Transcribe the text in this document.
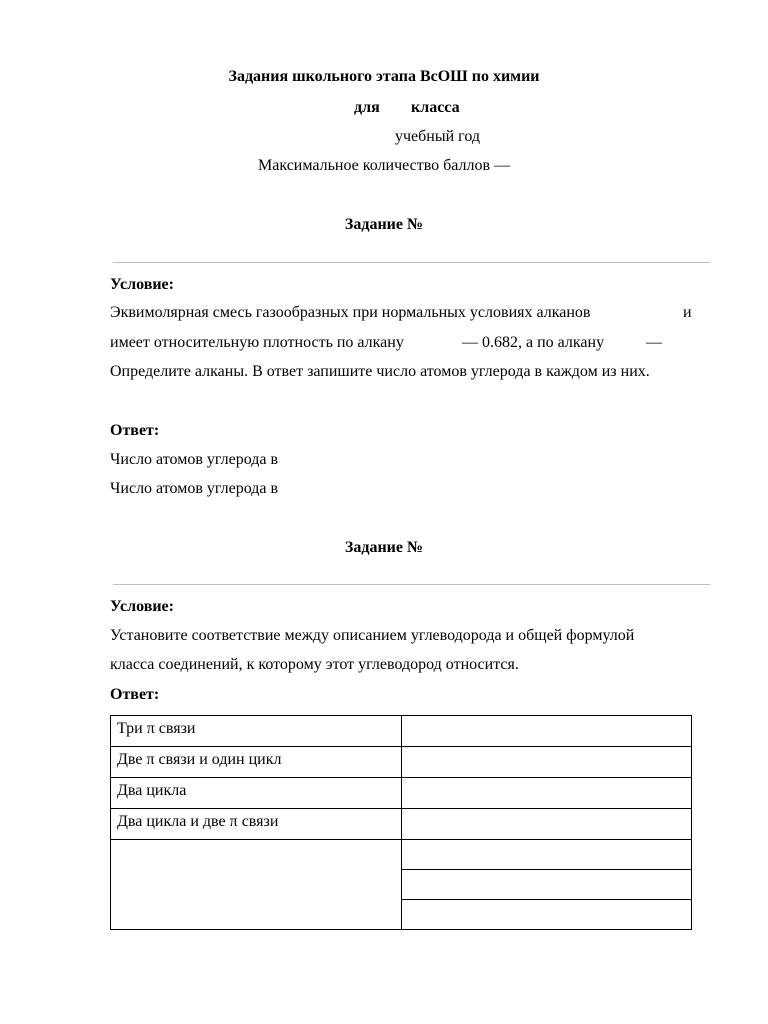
Задания школьного этапа ВсОШ по химии
для класса
учебный год
Максимальное количество баллов —
Задание №
Условие:
Эквимолярная смесь газообразных при нормальных условиях алканов	и
имеет относительную плотность по алкану	— 0.682, а по алкану	—
Определите алканы. В ответ запишите число атомов углерода в каждом из них.
Ответ:
Число атомов углерода в
Число атомов углерода в
Задание №
Условие:
Установите соответствие между описанием углеводорода и общей формулой
класса соединений, к которому этот углеводород относится.
Ответ:
Три π связи	
Две π связи и один цикл	
Два цикла	
Два цикла и две π связи	
